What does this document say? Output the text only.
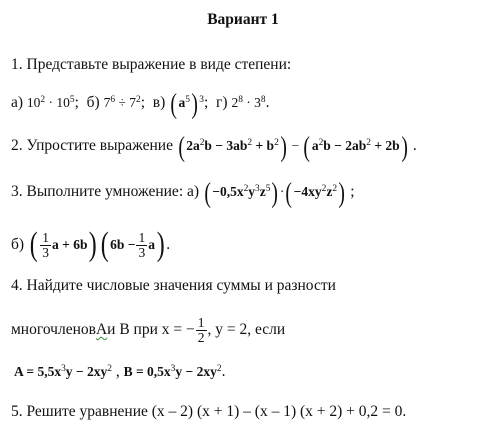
Вариант 1
1. Представьте выражение в виде степени:
а) $10^2 \cdot 10^5$; б) $7^6 \div 7^2$; в) $(a^5)^3$; г) $2^8 \cdot 3^8$.
2. Упростите выражение $(2a^2b - 3ab^2 + b^2) - (a^2b - 2ab^2 + 2b)$ .
3. Выполните умножение: а) $(-0,5x^2y^3z^5)\cdot(-4xy^2z^2)$ ;
б)
( $\frac{1}{3}$ a + 6b ) ( $6b - \frac{1}{3}$ a ) .
4. Найдите числовые значения суммы и разности
многочленов А и В при x = − $\frac{1}{2}$ , y = 2, если
$A = 5,5x^3y - 2xy^2$ , $B = 0,5x^3y - 2xy^2$.
5. Решите уравнение (x – 2) (x + 1) – (x – 1) (x + 2) + 0,2 = 0.
